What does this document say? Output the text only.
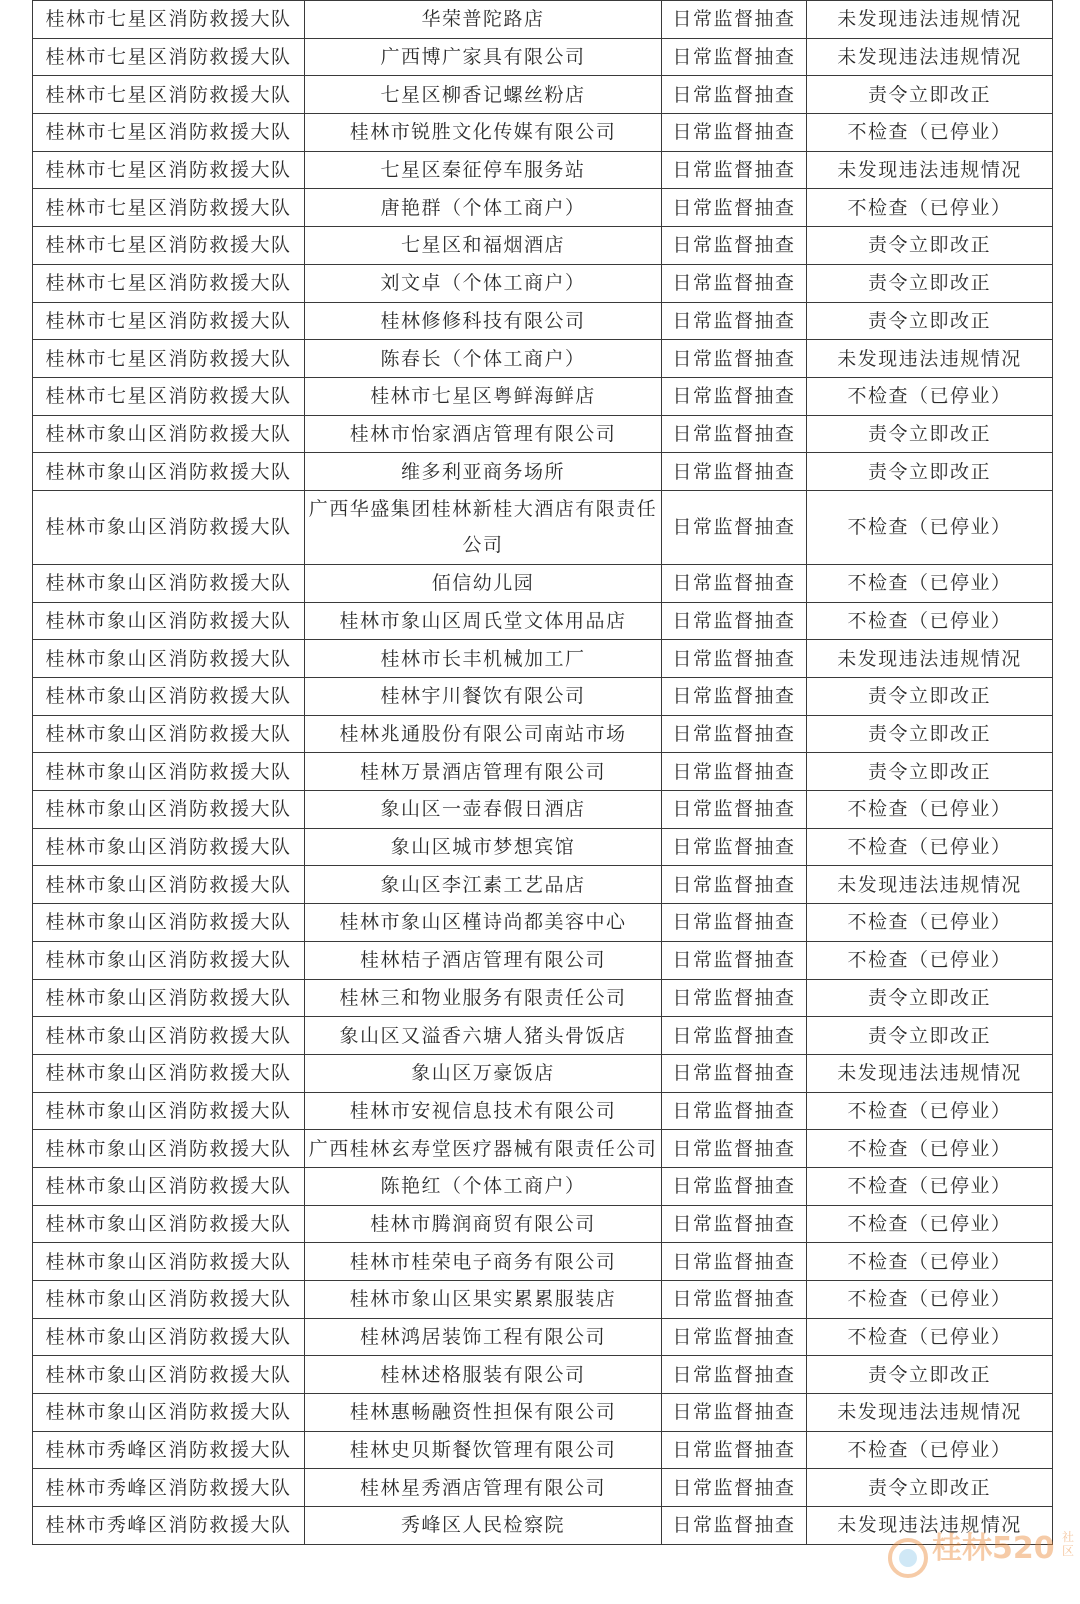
桂林市七星区消防救援大队	华荣普陀路店	日常监督抽查	未发现违法违规情况
桂林市七星区消防救援大队	广西博广家具有限公司	日常监督抽查	未发现违法违规情况
桂林市七星区消防救援大队	七星区柳香记螺丝粉店	日常监督抽查	责令立即改正
桂林市七星区消防救援大队	桂林市锐胜文化传媒有限公司	日常监督抽查	不检查（已停业）
桂林市七星区消防救援大队	七星区秦征停车服务站	日常监督抽查	未发现违法违规情况
桂林市七星区消防救援大队	唐艳群（个体工商户）	日常监督抽查	不检查（已停业）
桂林市七星区消防救援大队	七星区和福烟酒店	日常监督抽查	责令立即改正
桂林市七星区消防救援大队	刘文卓（个体工商户）	日常监督抽查	责令立即改正
桂林市七星区消防救援大队	桂林修修科技有限公司	日常监督抽查	责令立即改正
桂林市七星区消防救援大队	陈春长（个体工商户）	日常监督抽查	未发现违法违规情况
桂林市七星区消防救援大队	桂林市七星区粤鲜海鲜店	日常监督抽查	不检查（已停业）
桂林市象山区消防救援大队	桂林市怡家酒店管理有限公司	日常监督抽查	责令立即改正
桂林市象山区消防救援大队	维多利亚商务场所	日常监督抽查	责令立即改正
桂林市象山区消防救援大队	广西华盛集团桂林新桂大酒店有限责任公司	日常监督抽查	不检查（已停业）
桂林市象山区消防救援大队	佰信幼儿园	日常监督抽查	不检查（已停业）
桂林市象山区消防救援大队	桂林市象山区周氏堂文体用品店	日常监督抽查	不检查（已停业）
桂林市象山区消防救援大队	桂林市长丰机械加工厂	日常监督抽查	未发现违法违规情况
桂林市象山区消防救援大队	桂林宇川餐饮有限公司	日常监督抽查	责令立即改正
桂林市象山区消防救援大队	桂林兆通股份有限公司南站市场	日常监督抽查	责令立即改正
桂林市象山区消防救援大队	桂林万景酒店管理有限公司	日常监督抽查	责令立即改正
桂林市象山区消防救援大队	象山区一壶春假日酒店	日常监督抽查	不检查（已停业）
桂林市象山区消防救援大队	象山区城市梦想宾馆	日常监督抽查	不检查（已停业）
桂林市象山区消防救援大队	象山区李江素工艺品店	日常监督抽查	未发现违法违规情况
桂林市象山区消防救援大队	桂林市象山区槿诗尚都美容中心	日常监督抽查	不检查（已停业）
桂林市象山区消防救援大队	桂林桔子酒店管理有限公司	日常监督抽查	不检查（已停业）
桂林市象山区消防救援大队	桂林三和物业服务有限责任公司	日常监督抽查	责令立即改正
桂林市象山区消防救援大队	象山区又溢香六塘人猪头骨饭店	日常监督抽查	责令立即改正
桂林市象山区消防救援大队	象山区万豪饭店	日常监督抽查	未发现违法违规情况
桂林市象山区消防救援大队	桂林市安视信息技术有限公司	日常监督抽查	不检查（已停业）
桂林市象山区消防救援大队	广西桂林玄寿堂医疗器械有限责任公司	日常监督抽查	不检查（已停业）
桂林市象山区消防救援大队	陈艳红（个体工商户）	日常监督抽查	不检查（已停业）
桂林市象山区消防救援大队	桂林市腾润商贸有限公司	日常监督抽查	不检查（已停业）
桂林市象山区消防救援大队	桂林市桂荣电子商务有限公司	日常监督抽查	不检查（已停业）
桂林市象山区消防救援大队	桂林市象山区果实累累服装店	日常监督抽查	不检查（已停业）
桂林市象山区消防救援大队	桂林鸿居装饰工程有限公司	日常监督抽查	不检查（已停业）
桂林市象山区消防救援大队	桂林述格服装有限公司	日常监督抽查	责令立即改正
桂林市象山区消防救援大队	桂林惠畅融资性担保有限公司	日常监督抽查	未发现违法违规情况
桂林市秀峰区消防救援大队	桂林史贝斯餐饮管理有限公司	日常监督抽查	不检查（已停业）
桂林市秀峰区消防救援大队	桂林星秀酒店管理有限公司	日常监督抽查	责令立即改正
桂林市秀峰区消防救援大队	秀峰区人民检察院	日常监督抽查	未发现违法违规情况
桂林520 社区
